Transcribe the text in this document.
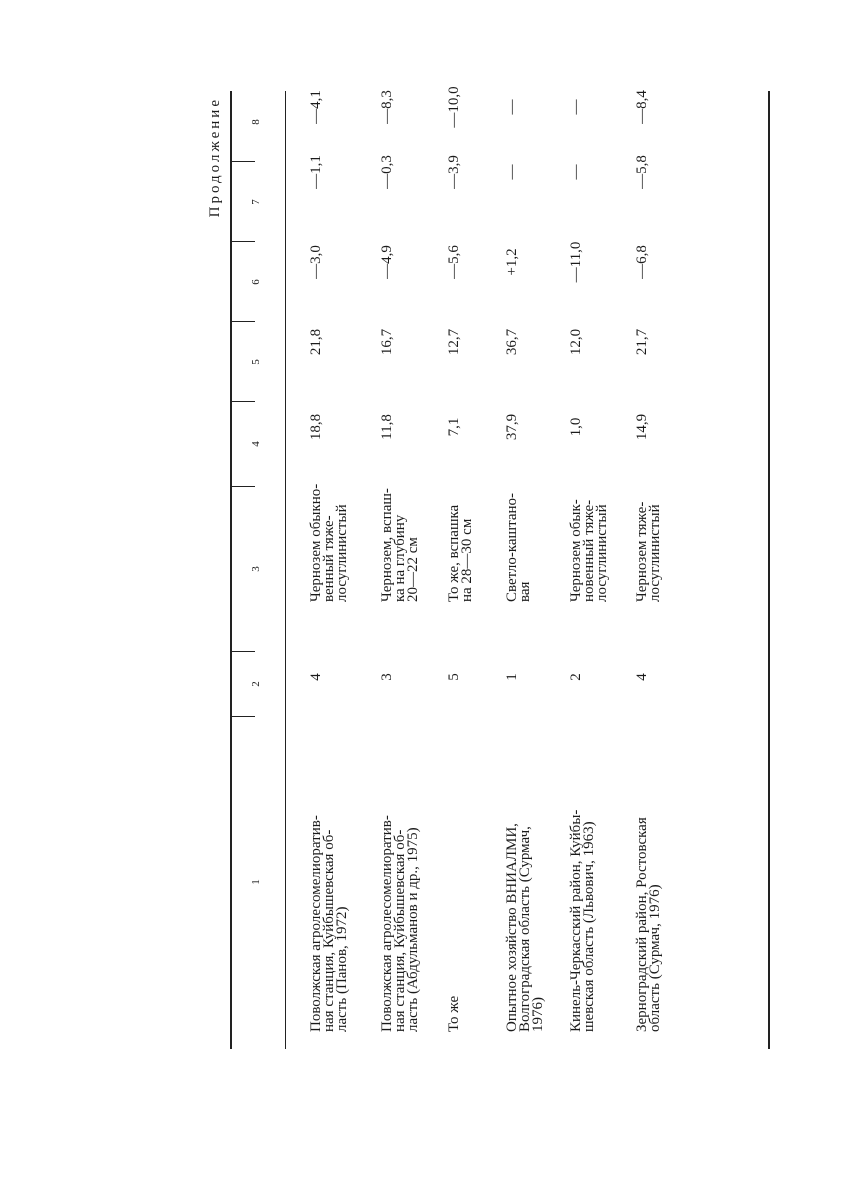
Продолжение
1
2
3
4
5
6
7
8
Поволжская агролесомелиоратив-
ная станция, Куйбышевская об-
ласть (Панов, 1972)
4
Чернозем обыкно-
венный тяже-
лосуглинистый
18,8
21,8
—3,0
—1,1
—4,1
Поволжская агролесомелиоратив-
ная станция, Куйбышевская об-
ласть (Абдульманов и др., 1975)
3
Чернозем, вспаш-
ка на глубину
20—22 см
11,8
16,7
—4,9
—0,3
—8,3
То же
5
То же, вспашка
на 28—30 см
7,1
12,7
—5,6
—3,9
—10,0
Опытное хозяйство ВНИАЛМИ,
Волгоградская область (Сурмач,
1976)
1
Светло-каштано-
вая
37,9
36,7
+1,2
—
—
Кинель-Черкасский район, Куйбы-
шевская область (Львович, 1963)
2
Чернозем обык-
новенный тяже-
лосуглинистый
1,0
12,0
—11,0
—
—
Зерноградский район, Ростовская
область (Сурмач, 1976)
4
Чернозем тяже-
лосуглинистый
14,9
21,7
—6,8
—5,8
—8,4
